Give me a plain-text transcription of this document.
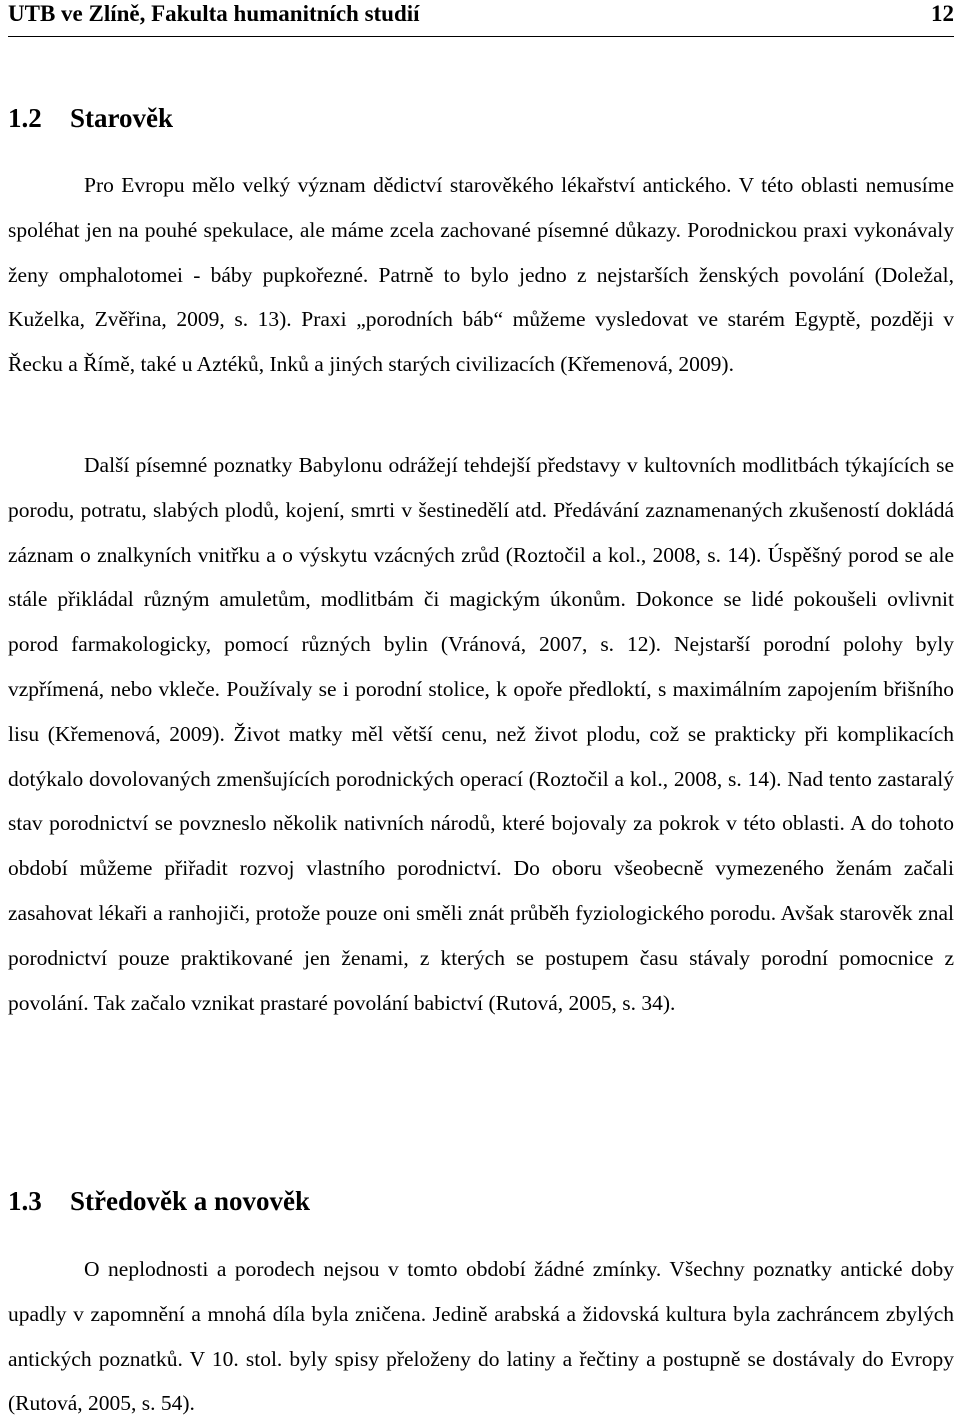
UTB ve Zlíně, Fakulta humanitních studií	12
1.2 Starověk

Pro Evropu mělo velký význam dědictví starověkého lékařství antického. V této oblasti nemusíme spoléhat jen na pouhé spekulace, ale máme zcela zachované písemné důkazy. Porodnickou praxi vykonávaly ženy omphalotomei - báby pupkořezné. Patrně to bylo jedno z nejstarších ženských povolání (Doležal, Kuželka, Zvěřina, 2009, s. 13). Praxi „porodních báb“ můžeme vysledovat ve starém Egyptě, později v Řecku a Římě, také u Aztéků, Inků a jiných starých civilizacích (Křemenová, 2009).

Další písemné poznatky Babylonu odrážejí tehdejší představy v kultovních modlitbách týkajících se porodu, potratu, slabých plodů, kojení, smrti v šestinedělí atd. Předávání zaznamenaných zkušeností dokládá záznam o znalkyních vnitřku a o výskytu vzácných zrůd (Roztočil a kol., 2008, s. 14). Úspěšný porod se ale stále přikládal různým amuletům, modlitbám či magickým úkonům. Dokonce se lidé pokoušeli ovlivnit porod farmakologicky, pomocí různých bylin (Vránová, 2007, s. 12). Nejstarší porodní polohy byly vzpřímená, nebo vkleče. Používaly se i porodní stolice, k opoře předloktí, s maximálním zapojením břišního lisu (Křemenová, 2009). Život matky měl větší cenu, než život plodu, což se prakticky při komplikacích dotýkalo dovolovaných zmenšujících porodnických operací (Roztočil a kol., 2008, s. 14). Nad tento zastaralý stav porodnictví se povzneslo několik nativních národů, které bojovaly za pokrok v této oblasti. A do tohoto období můžeme přiřadit rozvoj vlastního porodnictví. Do oboru všeobecně vymezeného ženám začali zasahovat lékaři a ranhojiči, protože pouze oni směli znát průběh fyziologického porodu. Avšak starověk znal porodnictví pouze praktikované jen ženami, z kterých se postupem času stávaly porodní pomocnice z povolání. Tak začalo vznikat prastaré povolání babictví (Rutová, 2005, s. 34).

1.3 Středověk a novověk

O neplodnosti a porodech nejsou v tomto období žádné zmínky. Všechny poznatky antické doby upadly v zapomnění a mnohá díla byla zničena. Jedině arabská a židovská kultura byla zachráncem zbylých antických poznatků. V 10. stol. byly spisy přeloženy do latiny a řečtiny a postupně se dostávaly do Evropy (Rutová, 2005, s. 54).
